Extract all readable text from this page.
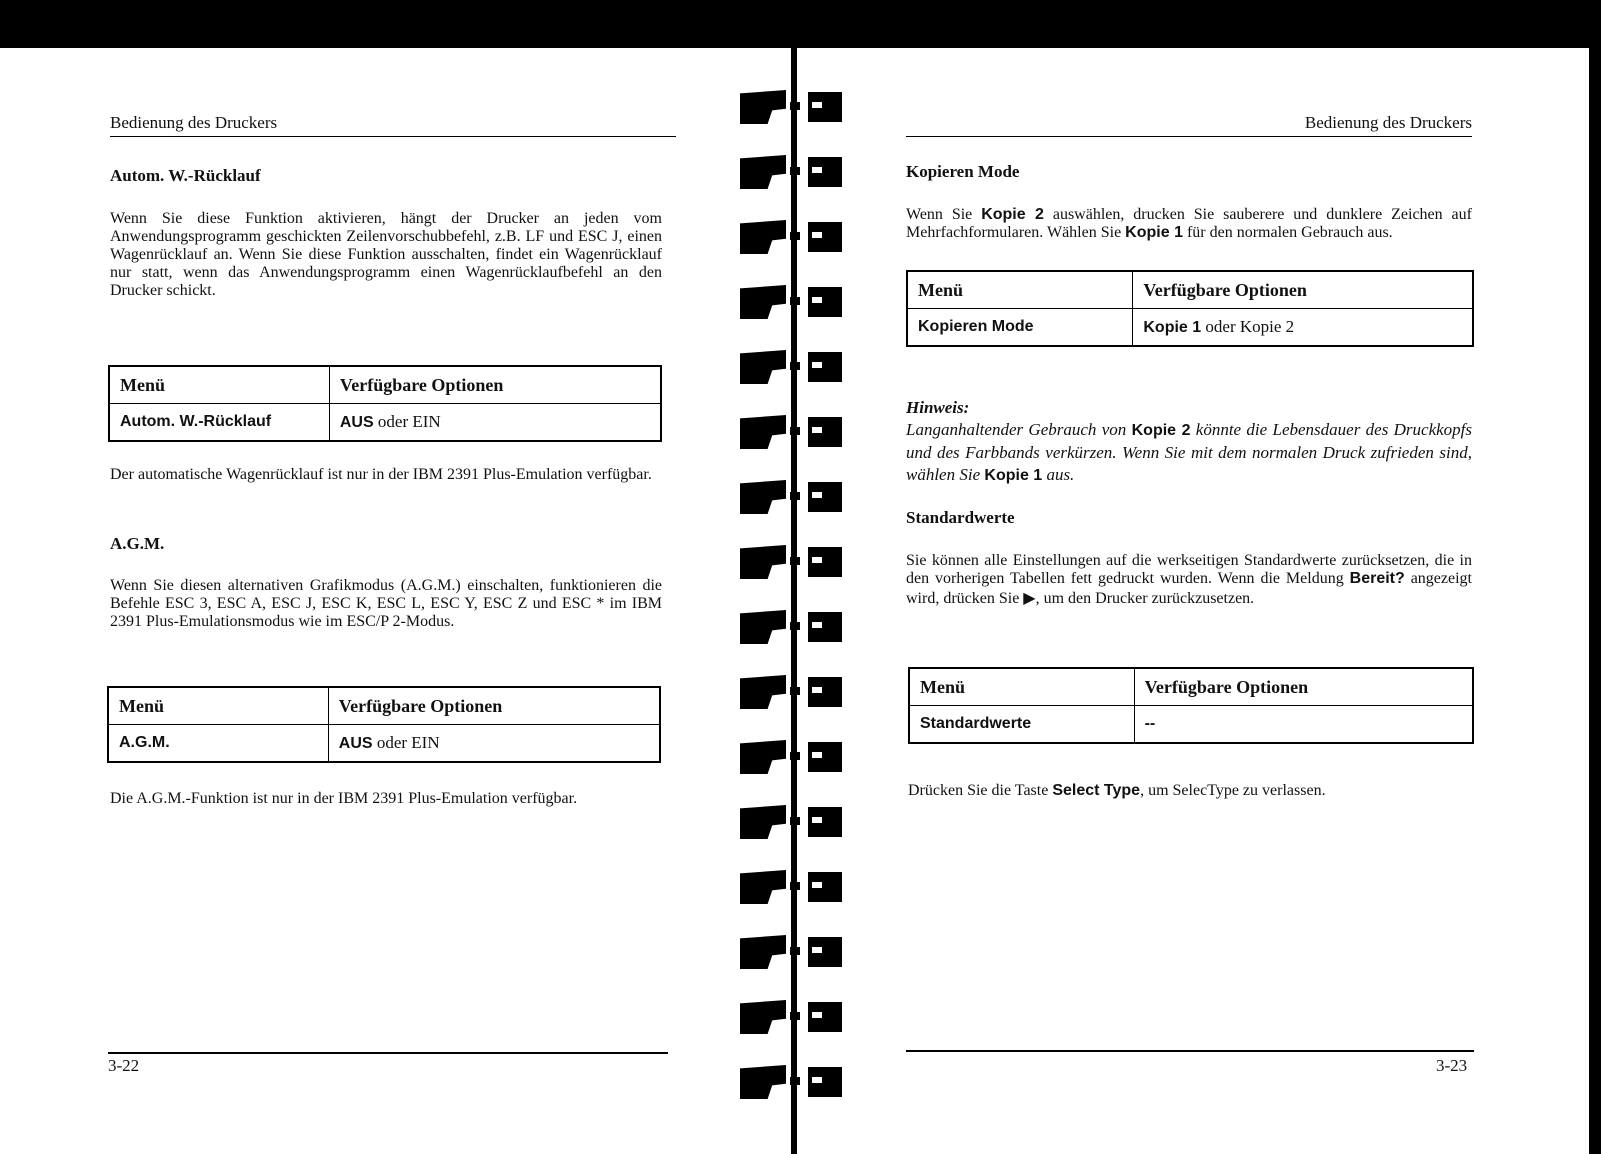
Bedienung des Druckers
Autom. W.-Rücklauf

Wenn Sie diese Funktion aktivieren, hängt der Drucker an jeden vom Anwendungsprogramm geschickten Zeilenvorschubbefehl, z.B. LF und ESC J, einen Wagenrücklauf an. Wenn Sie diese Funktion ausschalten, findet ein Wagenrücklauf nur statt, wenn das Anwendungsprogramm einen Wagenrücklaufbefehl an den Drucker schickt.

Menü	Verfügbare Optionen
Autom. W.-Rücklauf	AUS oder EIN

Der automatische Wagenrücklauf ist nur in der IBM 2391 Plus-Emulation verfügbar.

A.G.M.

Wenn Sie diesen alternativen Grafikmodus (A.G.M.) einschalten, funktionieren die Befehle ESC 3, ESC A, ESC J, ESC K, ESC L, ESC Y, ESC Z und ESC * im IBM 2391 Plus-Emulationsmodus wie im ESC/P 2-Modus.

Menü	Verfügbare Optionen
A.G.M.	AUS oder EIN

Die A.G.M.-Funktion ist nur in der IBM 2391 Plus-Emulation verfügbar.

3-22
Bedienung des Druckers
Kopieren Mode

Wenn Sie Kopie 2 auswählen, drucken Sie sauberere und dunklere Zeichen auf Mehrfachformularen. Wählen Sie Kopie 1 für den normalen Gebrauch aus.

Menü	Verfügbare Optionen
Kopieren Mode	Kopie 1 oder Kopie 2
Hinweis:
Langanhaltender Gebrauch von Kopie 2 könnte die Lebensdauer des Druckkopfs und des Farbbands verkürzen. Wenn Sie mit dem normalen Druck zufrieden sind, wählen Sie Kopie 1 aus.
Standardwerte

Sie können alle Einstellungen auf die werkseitigen Standardwerte zurücksetzen, die in den vorherigen Tabellen fett gedruckt wurden. Wenn die Meldung Bereit? angezeigt wird, drücken Sie ▶, um den Drucker zurückzusetzen.

Menü	Verfügbare Optionen
Standardwerte	--

Drücken Sie die Taste Select Type, um SelecType zu verlassen.

3-23
